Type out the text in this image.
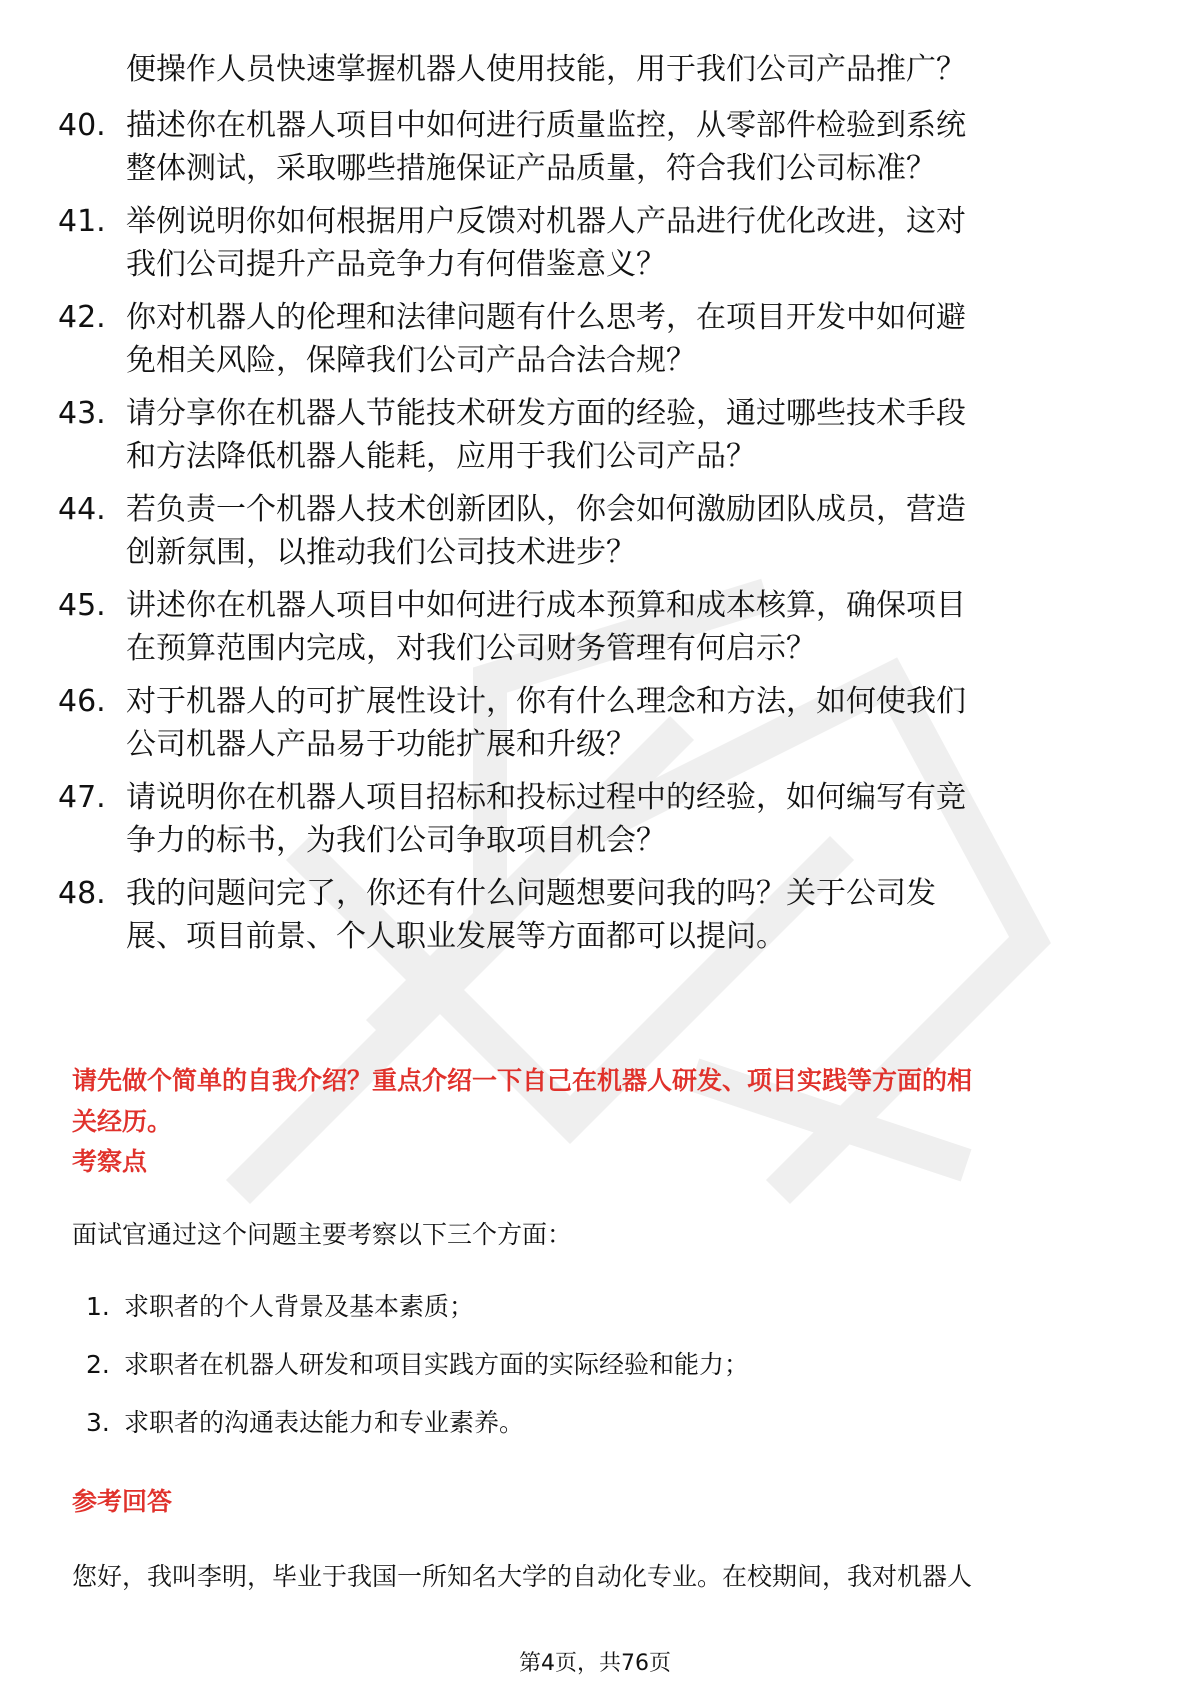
便操作人员快速掌握机器人使用技能，用于我们公司产品推广？
40. 描述你在机器人项目中如何进行质量监控，从零部件检验到系统
整体测试，采取哪些措施保证产品质量，符合我们公司标准？
41. 举例说明你如何根据用户反馈对机器人产品进行优化改进，这对
我们公司提升产品竞争力有何借鉴意义？
42. 你对机器人的伦理和法律问题有什么思考，在项目开发中如何避
免相关风险，保障我们公司产品合法合规？
43. 请分享你在机器人节能技术研发方面的经验，通过哪些技术手段
和方法降低机器人能耗，应用于我们公司产品？
44. 若负责一个机器人技术创新团队，你会如何激励团队成员，营造
创新氛围，以推动我们公司技术进步？
45. 讲述你在机器人项目中如何进行成本预算和成本核算，确保项目
在预算范围内完成，对我们公司财务管理有何启示？
46. 对于机器人的可扩展性设计，你有什么理念和方法，如何使我们
公司机器人产品易于功能扩展和升级？
47. 请说明你在机器人项目招标和投标过程中的经验，如何编写有竞
争力的标书，为我们公司争取项目机会？
48. 我的问题问完了，你还有什么问题想要问我的吗？关于公司发
展、项目前景、个人职业发展等方面都可以提问。
请先做个简单的自我介绍？重点介绍一下自己在机器人研发、项目实践等方面的相
关经历。
考察点
面试官通过这个问题主要考察以下三个方面：
1. 求职者的个人背景及基本素质；
2. 求职者在机器人研发和项目实践方面的实际经验和能力；
3. 求职者的沟通表达能力和专业素养。
参考回答
您好，我叫李明，毕业于我国一所知名大学的自动化专业。在校期间，我对机器人
第4页，共76页
